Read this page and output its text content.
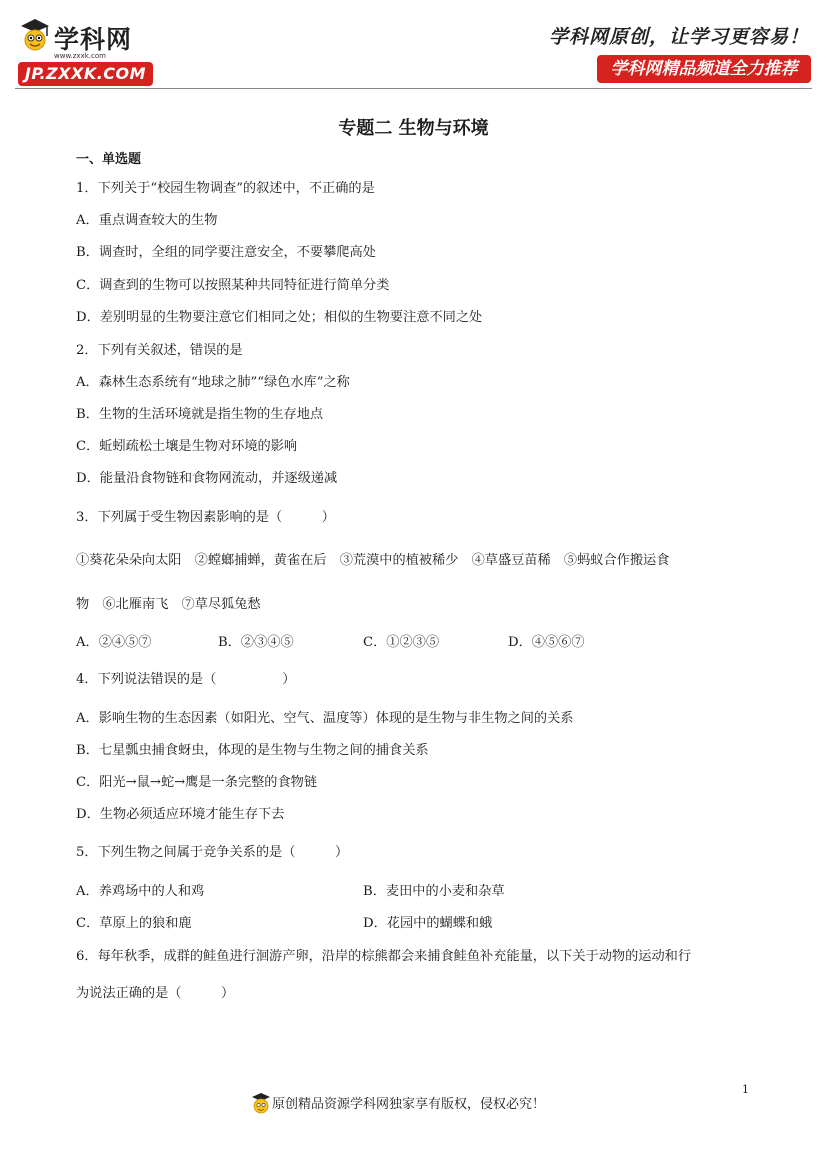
学科网
www.zxxk.com
JP.ZXXK.COM
学科网原创，让学习更容易！
学科网精品频道全力推荐
专题二 生物与环境
一、单选题
1．下列关于“校园生物调查”的叙述中，不正确的是
A．重点调查较大的生物
B．调查时，全组的同学要注意安全，不要攀爬高处
C．调查到的生物可以按照某种共同特征进行简单分类
D．差别明显的生物要注意它们相同之处；相似的生物要注意不同之处
2．下列有关叙述，错误的是
A．森林生态系统有“地球之肺”“绿色水库”之称
B．生物的生活环境就是指生物的生存地点
C．蚯蚓疏松土壤是生物对环境的影响
D．能量沿食物链和食物网流动，并逐级递减
3．下列属于受生物因素影响的是（　　　）
①葵花朵朵向太阳　②螳螂捕蝉，黄雀在后　③荒漠中的植被稀少　④草盛豆苗稀　⑤蚂蚁合作搬运食
物　⑥北雁南飞　⑦草尽狐兔愁
A．②④⑤⑦	B．②③④⑤	C．①②③⑤	D．④⑤⑥⑦
4．下列说法错误的是（　　　　　）
A．影响生物的生态因素（如阳光、空气、温度等）体现的是生物与非生物之间的关系
B．七星瓢虫捕食蚜虫，体现的是生物与生物之间的捕食关系
C．阳光→鼠→蛇→鹰是一条完整的食物链
D．生物必须适应环境才能生存下去
5．下列生物之间属于竞争关系的是（　　　）
A．养鸡场中的人和鸡	B．麦田中的小麦和杂草
C．草原上的狼和鹿	D．花园中的蝴蝶和蛾
6．每年秋季，成群的鲑鱼进行洄游产卵，沿岸的棕熊都会来捕食鲑鱼补充能量，以下关于动物的运动和行
为说法正确的是（　　　）
1
原创精品资源学科网独家享有版权，侵权必究！
